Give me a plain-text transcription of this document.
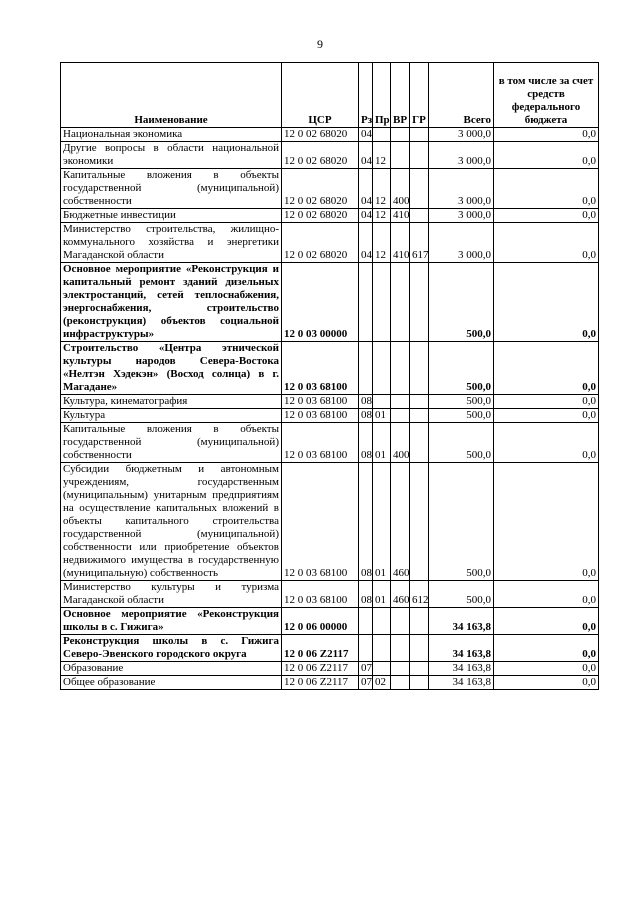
9
Наименование	ЦСР	Рз	Пр	ВР	ГР	Всего	в том числе за счет средств федерального бюджета
Национальная экономика	12 0 02 68020	04				3 000,0	0,0
Другие вопросы в области национальной экономики	12 0 02 68020	04	12			3 000,0	0,0
Капитальные вложения в объекты государственной (муниципальной) собственности	12 0 02 68020	04	12	400		3 000,0	0,0
Бюджетные инвестиции	12 0 02 68020	04	12	410		3 000,0	0,0
Министерство строительства, жилищно-коммунального хозяйства и энергетики Магаданской области	12 0 02 68020	04	12	410	617	3 000,0	0,0
Основное мероприятие «Реконструкция и капитальный ремонт зданий дизельных электростанций, сетей теплоснабжения, энергоснабжения, строительство (реконструкция) объектов социальной инфраструктуры»	12 0 03 00000					500,0	0,0
Строительство «Центра этнической культуры народов Севера-Востока «Нелтэн Хэдекэн» (Восход солнца) в г. Магадане»	12 0 03 68100					500,0	0,0
Культура, кинематография	12 0 03 68100	08				500,0	0,0
Культура	12 0 03 68100	08	01			500,0	0,0
Капитальные вложения в объекты государственной (муниципальной) собственности	12 0 03 68100	08	01	400		500,0	0,0
Субсидии бюджетным и автономным учреждениям, государственным (муниципальным) унитарным предприятиям на осуществление капитальных вложений в объекты капитального строительства государственной (муниципальной) собственности или приобретение объектов недвижимого имущества в государственную (муниципальную) собственность	12 0 03 68100	08	01	460		500,0	0,0
Министерство культуры и туризма Магаданской области	12 0 03 68100	08	01	460	612	500,0	0,0
Основное мероприятие «Реконструкция школы в с. Гижига»	12 0 06 00000					34 163,8	0,0
Реконструкция школы в с. Гижига Северо-Эвенского городского округа	12 0 06 Z2117					34 163,8	0,0
Образование	12 0 06 Z2117	07				34 163,8	0,0
Общее образование	12 0 06 Z2117	07	02			34 163,8	0,0
